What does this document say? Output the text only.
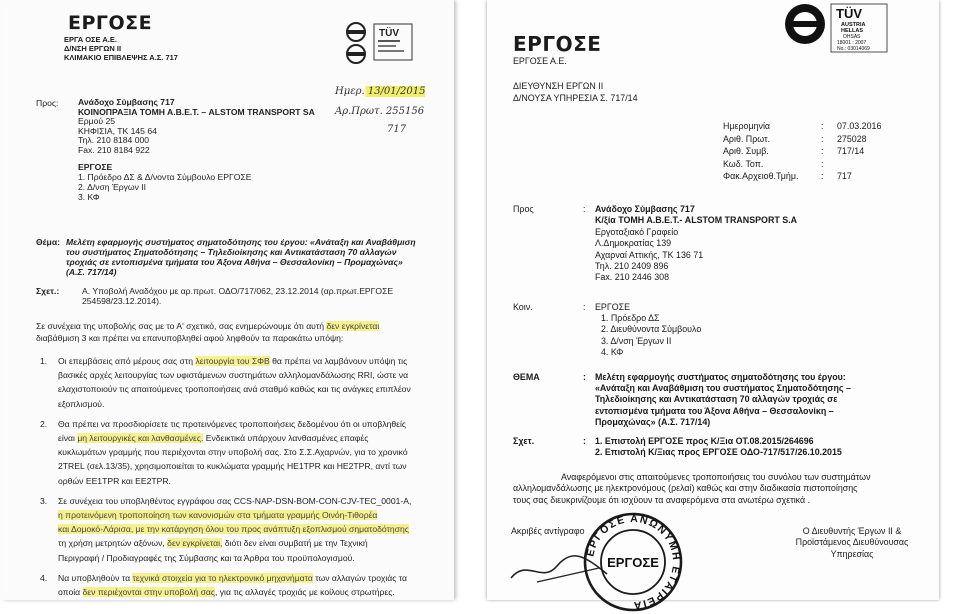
ΕΡΓΟΣΕ
ΕΡΓΑ ΟΣΕ Α.Ε.
Δ/ΝΣΗ ΕΡΓΩΝ ΙΙ
ΚΛΙΜΑΚΙΟ ΕΠΙΒΛΕΨΗΣ Α.Σ. 717
TÜV
Ημερ. 13/01/2015
Αρ.Πρωτ. 255156
717
Προς: Ανάδοχο Σύμβασης 717
ΚΟΙΝΟΠΡΑΞΙΑ ΤΟΜΗ Α.Β.Ε.Τ. – ALSTOM TRANSPORT SA
Ερμού 25
ΚΗΦΙΣΙΑ, ΤΚ 145 64
Τηλ. 210 8184 000
Fax. 210 8184 922
ΕΡΓΟΣΕ
1. Πρόεδρο ΔΣ & Δ/νοντα Σύμβουλο ΕΡΓΟΣΕ
2. Δ/νση Έργων ΙΙ
3. ΚΦ
Θέμα: Μελέτη εφαρμογής συστήματος σηματοδότησης του έργου: «Ανάταξη και Αναβάθμιση
του συστήματος Σηματοδότησης – Τηλεδιοίκησης και Αντικατάσταση 70 αλλαγών
τροχιάς σε εντοπισμένα τμήματα του Άξονα Αθήνα – Θεσσαλονίκη – Προμαχώνας»
(Α.Σ. 717/14)
Σχετ.:	Α. Υποβολή Αναδόχου με αρ.πρωτ. ΟΔΟ/717/062, 23.12.2014 (αρ.πρωτ.ΕΡΓΟΣΕ
254598/23.12.2014).
Σε συνέχεια της υποβολής σας με το Α' σχετικό, σας ενημερώνουμε ότι αυτή δεν εγκρίνεται
διαβάθμιση 3 και πρέπει να επανυποβληθεί αφού ληφθούν τα παρακάτω υπόψη:
1. Οι επεμβάσεις από μέρους σας στη λειτουργία του ΣΦΒ θα πρέπει να λαμβάνουν υπόψη τις
βασικές αρχές λειτουργίας των υφιστάμενων συστημάτων αλληλομανδάλωσης RRI, ώστε να
ελαχιστοποιούν τις απαιτούμενες τροποποιήσεις ανά σταθμό καθώς και τις ανάγκες επιπλέον
εξοπλισμού.
2. Θα πρέπει να προσδιορίσετε τις προτεινόμενες τροποποιήσεις δεδομένου ότι οι υποβληθείς
είναι μη λειτουργικές και λανθασμένες. Ενδεικτικά υπάρχουν λανθασμένες επαφές
κυκλωμάτων γραμμής που περιέχονται στην υποβολή σας. Στο Σ.Σ.Αχαρνών, για το χρονικό
2TREL (σελ.13/35), χρησιμοποιείται το κυκλώματα γραμμής HE1TPR και HE2TPR, αντί των
ορθών EE1TPR και EE2TPR.
3. Σε συνέχεια του υποβληθέντος εγγράφου σας CCS-NAP-DSN-BOM-CON-CJV-TEC_0001-A,
η προτεινόμενη τροποποίηση των κανονισμών στα τμήματα γραμμής Οινόη-Τιθορέα
και Δομοκό-Λάρισα, με την κατάργηση όλου του προς ανάπτυξη εξοπλισμού σηματοδότησης
τη χρήση μετρητών αξόνων, δεν εγκρίνεται, διότι δεν είναι συμβατή με την Τεχνική
Περιγραφή / Προδιαγραφές της Σύμβασης και τα Άρθρα του προϋπολογισμού.
4. Να υποβληθούν τα τεχνικά στοιχεία για το ηλεκτρονικό μηχανήματα των αλλαγών τροχιάς τα
οποία δεν περιέχονται στην υποβολή σας, για τις αλλαγές τροχιάς με κοίλους στρωτήρες.
TÜV
AUSTRIA
HELLAS
OHSAS
18001 : 2007
No.: 03014069
ΕΡΓΟΣΕ
ΕΡΓΟΣΕ Α.Ε.
ΔΙΕΥΘΥΝΣΗ ΕΡΓΩΝ ΙΙ
Δ/ΝΟΥΣΑ ΥΠΗΡΕΣΙΑ Σ. 717/14
Ημερομηνία	: 07.03.2016
Αριθ. Πρωτ.	: 275028
Αριθ. Συμβ.	: 717/14
Κωδ. Τοπ.	:
Φακ.Αρχειοθ.Τμήμ.	: 717
Προς	: Ανάδοχο Σύμβασης 717
Κ/ξία ΤΟΜΗ Α.Β.Ε.Τ.- ALSTOM TRANSPORT S.A
Εργοταξιακό Γραφείο
Λ.Δημοκρατίας 139
Αχαρναί Αττικής, ΤΚ 136 71
Τηλ. 210 2409 896
Fax. 210 2446 308
Κοιν.	: ΕΡΓΟΣΕ
1. Πρόεδρο ΔΣ
2. Διευθύνοντα Σύμβουλο
3. Δ/νση Έργων ΙΙ
4. ΚΦ
ΘΕΜΑ	: Μελέτη εφαρμογής συστήματος σηματοδότησης του έργου:
«Ανάταξη και Αναβάθμιση του συστήματος Σηματοδότησης –
Τηλεδιοίκησης και Αντικατάσταση 70 αλλαγών τροχιάς σε
εντοπισμένα τμήματα του Άξονα Αθήνα – Θεσσαλονίκη –
Προμαχώνας» (Α.Σ. 717/14)
Σχετ.	: 1. Επιστολή ΕΡΓΟΣΕ προς Κ/Ξια ΟΤ.08.2015/264696
2. Επιστολή Κ/Ξιας προς ΕΡΓΟΣΕ ΟΔΟ-717/517/26.10.2015
Αναφερόμενοι στις απαιτούμενες τροποποιήσεις του συνόλου των συστημάτων
αλληλομανδάλωσης με ηλεκτρονόμους (ρελαί) καθώς και στην διαδικασία πιστοποίησης
τους σας διευκρινίζουμε ότι ισχύουν τα αναφερόμενα στα ανωτέρω σχετικά .
Ακριβές αντίγραφο	Ο Διευθυντής Έργων ΙΙ &
Προϊστάμενος Διευθύνουσας
Υπηρεσίας
ΕΡΓΟΣΕ ΑΝΩΝΥΜΗ ΕΤΑΙΡΕΙΑ
ΕΡΓΟΣΕ
